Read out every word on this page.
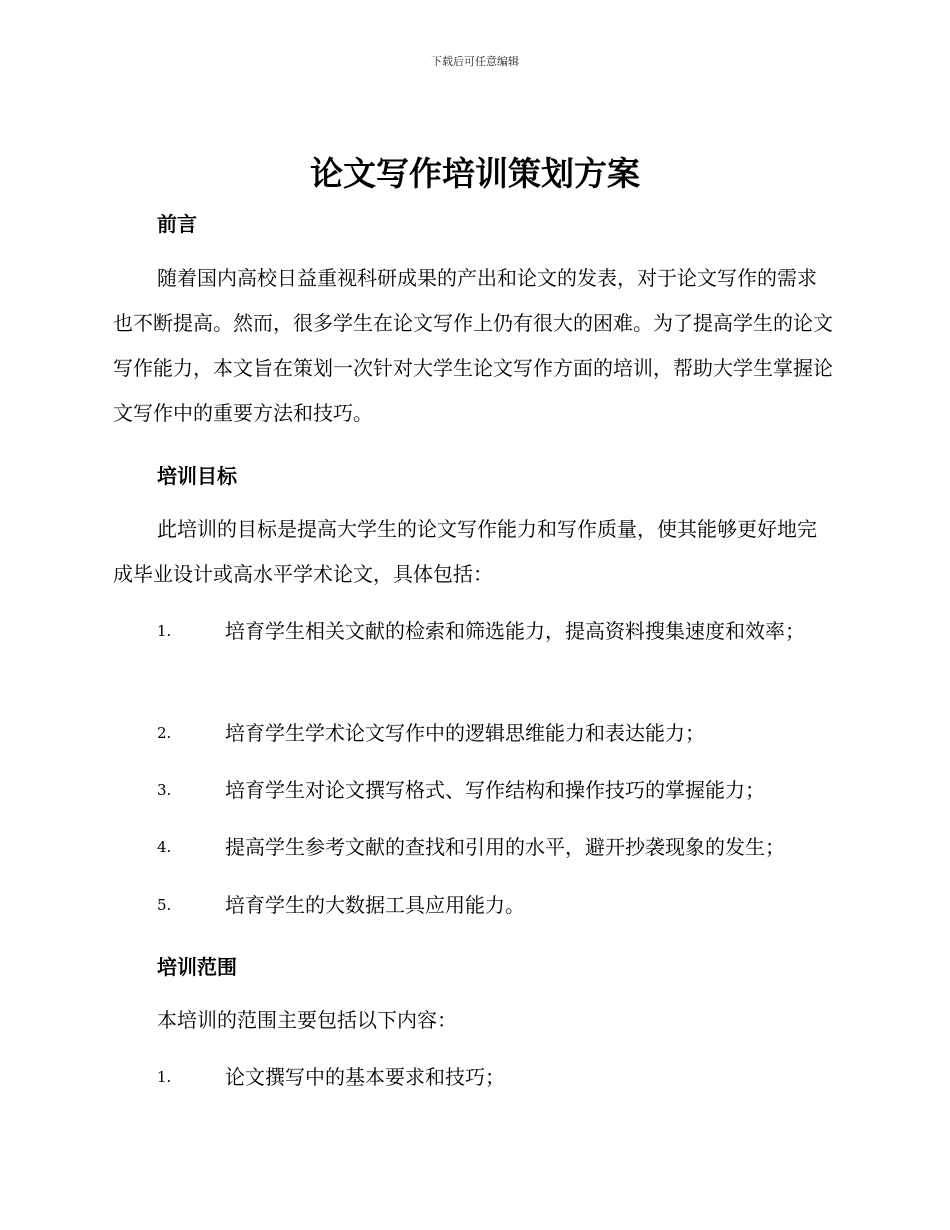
下载后可任意编辑
论文写作培训策划方案
前言
随着国内高校日益重视科研成果的产出和论文的发表，对于论文写作的需求也不断提高。然而，很多学生在论文写作上仍有很大的困难。为了提高学生的论文写作能力，本文旨在策划一次针对大学生论文写作方面的培训，帮助大学生掌握论文写作中的重要方法和技巧。
培训目标
此培训的目标是提高大学生的论文写作能力和写作质量，使其能够更好地完成毕业设计或高水平学术论文，具体包括：
1.	培育学生相关文献的检索和筛选能力，提高资料搜集速度和效率；
2.	培育学生学术论文写作中的逻辑思维能力和表达能力；
3.	培育学生对论文撰写格式、写作结构和操作技巧的掌握能力；
4.	提高学生参考文献的查找和引用的水平，避开抄袭现象的发生；
5.	培育学生的大数据工具应用能力。
培训范围
本培训的范围主要包括以下内容：
1.	论文撰写中的基本要求和技巧；
